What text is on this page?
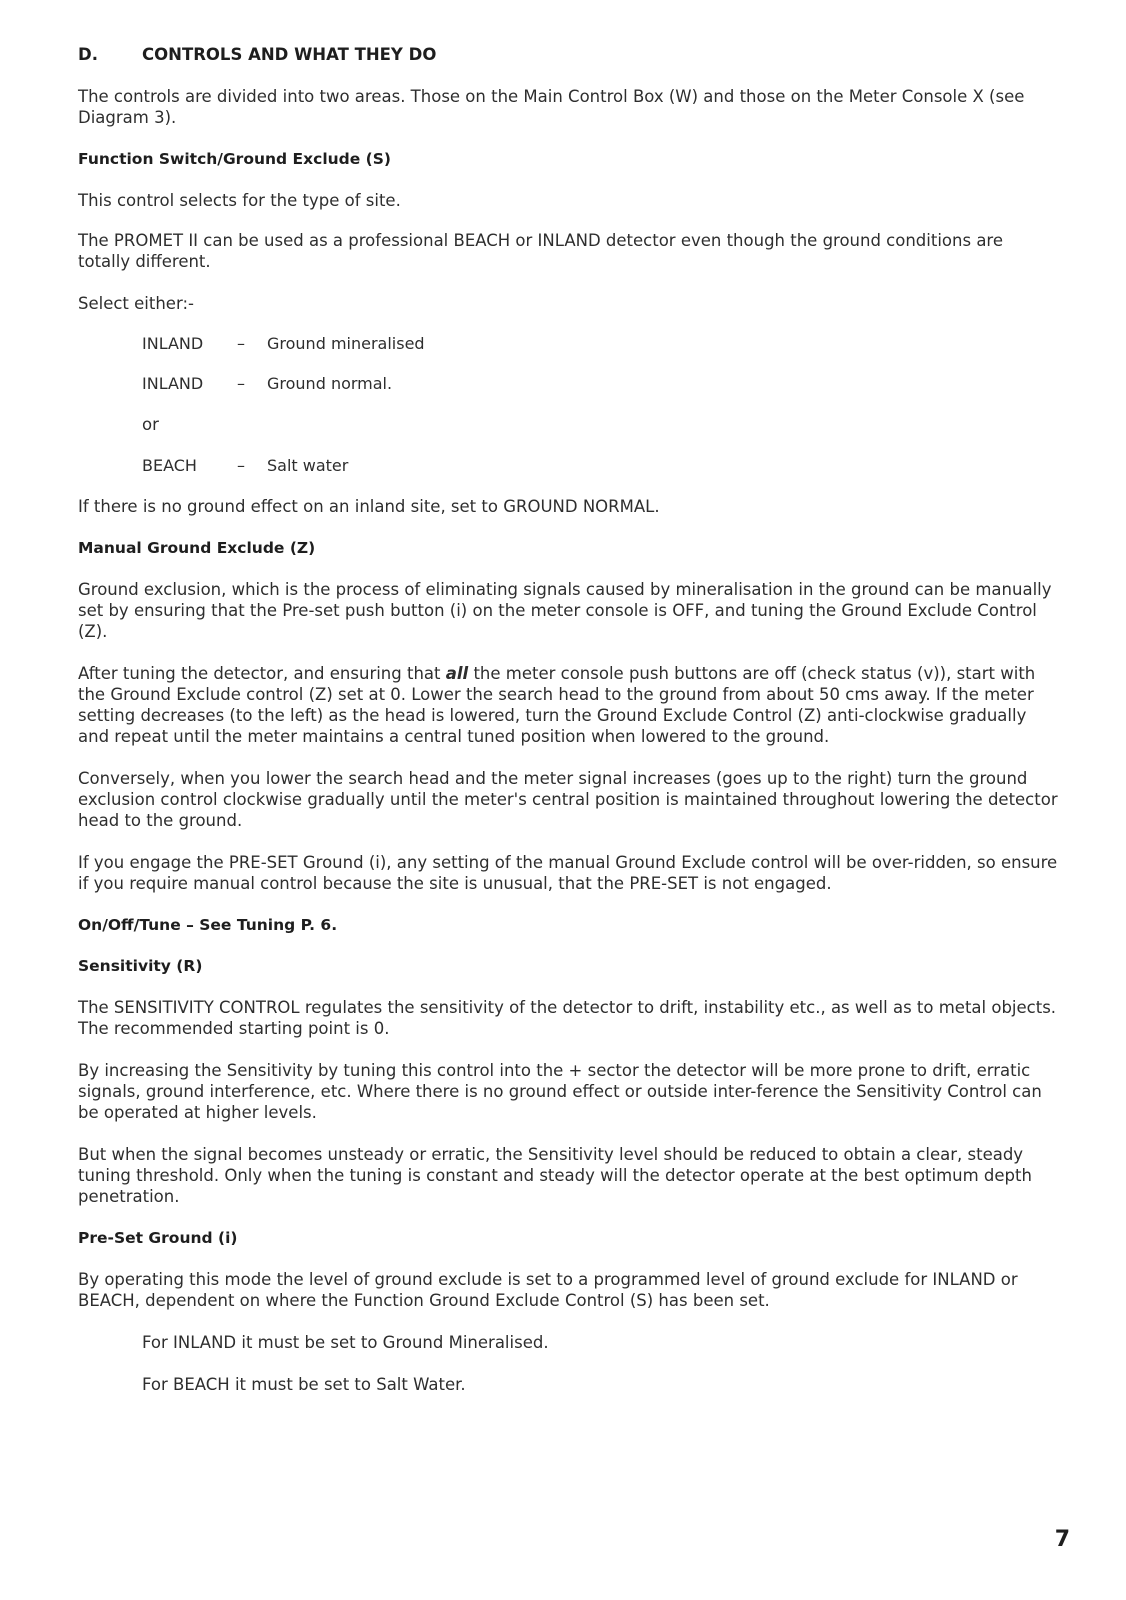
D.	CONTROLS AND WHAT THEY DO

The controls are divided into two areas. Those on the Main Control Box (W) and those on the Meter Console X (see Diagram 3).

Function Switch/Ground Exclude (S)

This control selects for the type of site.

The PROMET II can be used as a professional BEACH or INLAND detector even though the ground conditions are totally different.

Select either:-

INLAND	–	Ground mineralised
INLAND	–	Ground normal.

or

BEACH	–	Salt water

If there is no ground effect on an inland site, set to GROUND NORMAL.

Manual Ground Exclude (Z)

Ground exclusion, which is the process of eliminating signals caused by mineralisation in the ground can be manually set by ensuring that the Pre-set push button (i) on the meter console is OFF, and tuning the Ground Exclude Control (Z).

After tuning the detector, and ensuring that all the meter console push buttons are off (check status (v)), start with the Ground Exclude control (Z) set at 0. Lower the search head to the ground from about 50 cms away. If the meter setting decreases (to the left) as the head is lowered, turn the Ground Exclude Control (Z) anti-clockwise gradually and repeat until the meter maintains a central tuned position when lowered to the ground.

Conversely, when you lower the search head and the meter signal increases (goes up to the right) turn the ground exclusion control clockwise gradually until the meter's central position is maintained throughout lowering the detector head to the ground.

If you engage the PRE-SET Ground (i), any setting of the manual Ground Exclude control will be over-ridden, so ensure if you require manual control because the site is unusual, that the PRE-SET is not engaged.

On/Off/Tune – See Tuning P. 6.
Sensitivity (R)

The SENSITIVITY CONTROL regulates the sensitivity of the detector to drift, instability etc., as well as to metal objects. The recommended starting point is 0.

By increasing the Sensitivity by tuning this control into the + sector the detector will be more prone to drift, erratic signals, ground interference, etc. Where there is no ground effect or outside inter-ference the Sensitivity Control can be operated at higher levels.

But when the signal becomes unsteady or erratic, the Sensitivity level should be reduced to obtain a clear, steady tuning threshold. Only when the tuning is constant and steady will the detector operate at the best optimum depth penetration.

Pre-Set Ground (i)

By operating this mode the level of ground exclude is set to a programmed level of ground exclude for INLAND or BEACH, dependent on where the Function Ground Exclude Control (S) has been set.

For INLAND it must be set to Ground Mineralised.

For BEACH it must be set to Salt Water.

7
